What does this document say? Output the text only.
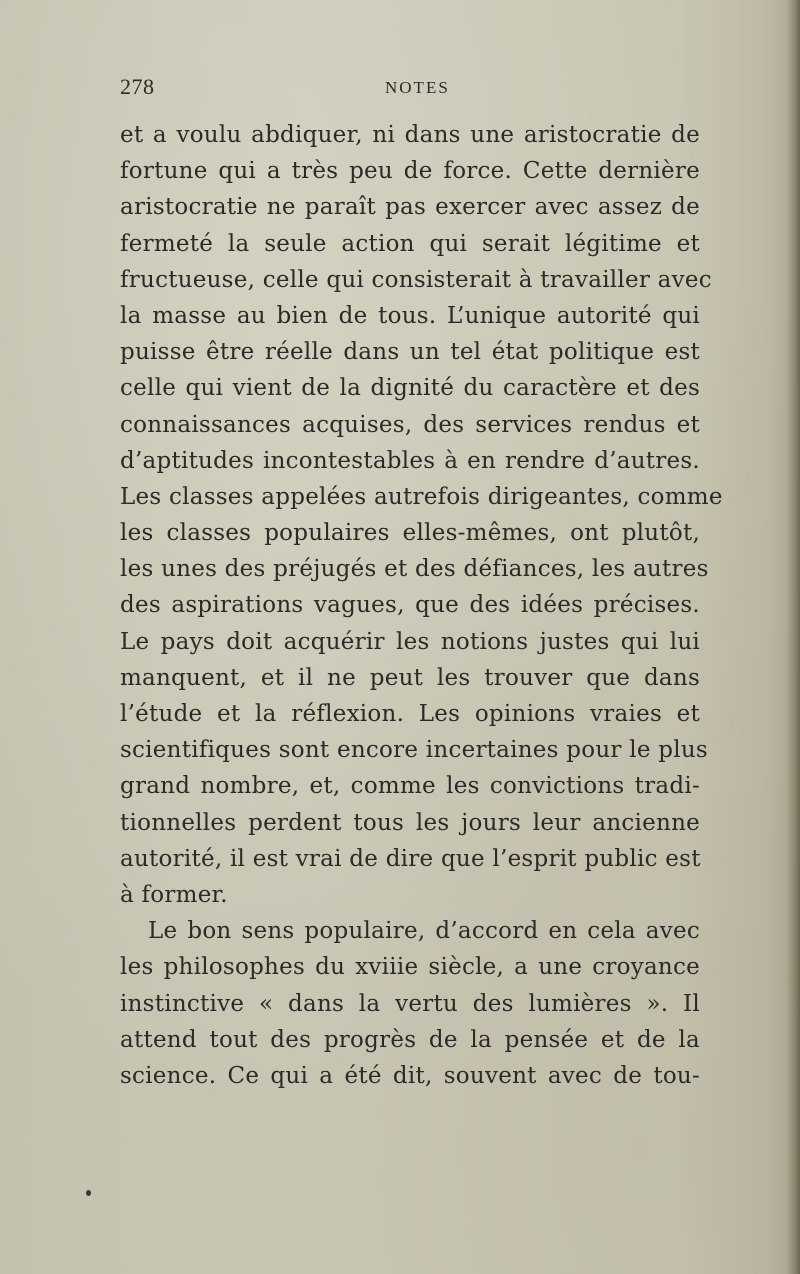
278	NOTES
et a voulu abdiquer, ni dans une aristocratie de
fortune qui a très peu de force. Cette dernière
aristocratie ne paraît pas exercer avec assez de
fermeté la seule action qui serait légitime et
fructueuse, celle qui consisterait à travailler avec
la masse au bien de tous. L’unique autorité qui
puisse être réelle dans un tel état politique est
celle qui vient de la dignité du caractère et des
connaissances acquises, des services rendus et
d’aptitudes incontestables à en rendre d’autres.
Les classes appelées autrefois dirigeantes, comme
les classes populaires elles-mêmes, ont plutôt,
les unes des préjugés et des défiances, les autres
des aspirations vagues, que des idées précises.
Le pays doit acquérir les notions justes qui lui
manquent, et il ne peut les trouver que dans
l’étude et la réflexion. Les opinions vraies et
scientifiques sont encore incertaines pour le plus
grand nombre, et, comme les convictions tradi-
tionnelles perdent tous les jours leur ancienne
autorité, il est vrai de dire que l’esprit public est
à former.
Le bon sens populaire, d’accord en cela avec
les philosophes du xviiie siècle, a une croyance
instinctive « dans la vertu des lumières ». Il
attend tout des progrès de la pensée et de la
science. Ce qui a été dit, souvent avec de tou-
